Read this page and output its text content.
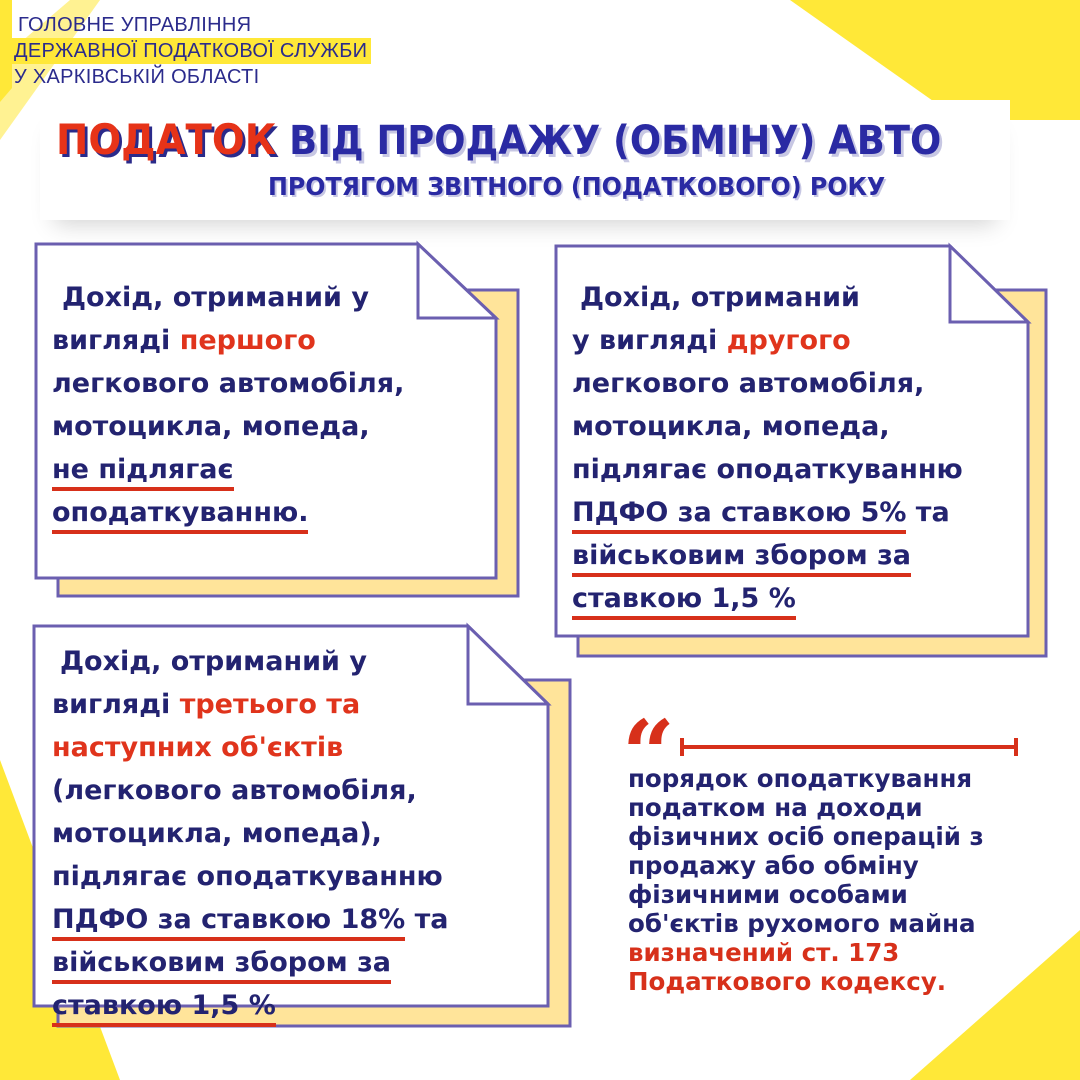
ГОЛОВНЕ УПРАВЛІННЯ
ДЕРЖАВНОЇ ПОДАТКОВОЇ СЛУЖБИ
У ХАРКІВСЬКІЙ ОБЛАСТІ
ПОДАТОК ВІД ПРОДАЖУ (ОБМІНУ) АВТО
ПРОТЯГОМ ЗВІТНОГО (ПОДАТКОВОГО) РОКУ
Дохід, отриманий у
вигляді першого
легкового автомобіля,
мотоцикла, мопеда,
не підлягає
оподаткуванню.
Дохід, отриманий
у вигляді другого
легкового автомобіля,
мотоцикла, мопеда,
підлягає оподаткуванню
ПДФО за ставкою 5% та
військовим збором за
ставкою 1,5 %
Дохід, отриманий у
вигляді третього та
наступних об'єктів
(легкового автомобіля,
мотоцикла, мопеда),
підлягає оподаткуванню
ПДФО за ставкою 18% та
військовим збором за
ставкою 1,5 %
“
порядок оподаткування
податком на доходи
фізичних осіб операцій з
продажу або обміну
фізичними особами
об'єктів рухомого майна
визначений ст. 173
Податкового кодексу.
